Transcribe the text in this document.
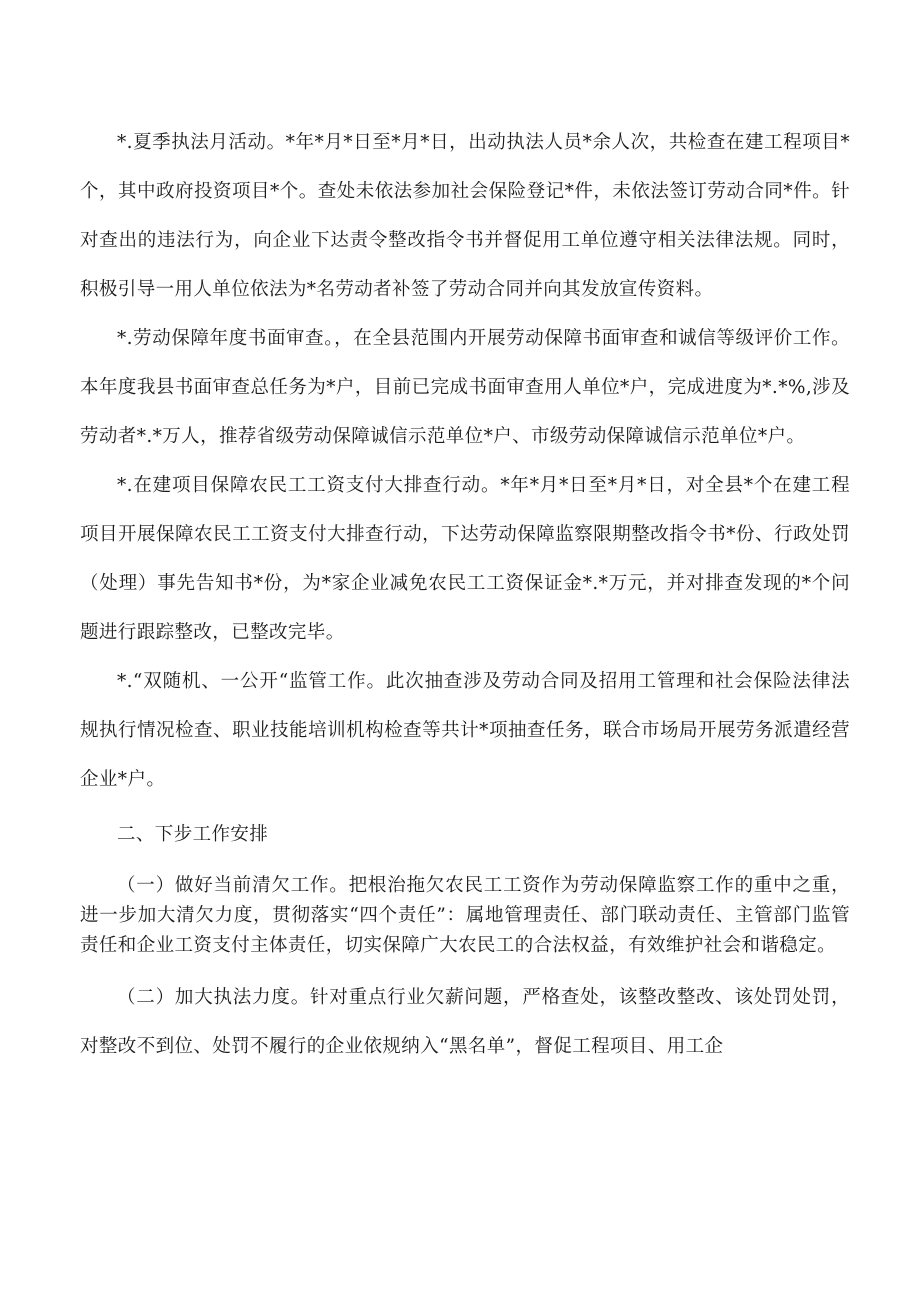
*.夏季执法月活动。*年*月*日至*月*日，出动执法人员*余人次，共检查在建工程项目*个，其中政府投资项目*个。查处未依法参加社会保险登记*件，未依法签订劳动合同*件。针对查出的违法行为，向企业下达责令整改指令书并督促用工单位遵守相关法律法规。同时，积极引导一用人单位依法为*名劳动者补签了劳动合同并向其发放宣传资料。

*.劳动保障年度书面审查。，在全县范围内开展劳动保障书面审查和诚信等级评价工作。本年度我县书面审查总任务为*户，目前已完成书面审查用人单位*户，完成进度为*.*%,涉及劳动者*.*万人，推荐省级劳动保障诚信示范单位*户、市级劳动保障诚信示范单位*户。

*.在建项目保障农民工工资支付大排查行动。*年*月*日至*月*日，对全县*个在建工程项目开展保障农民工工资支付大排查行动，下达劳动保障监察限期整改指令书*份、行政处罚（处理）事先告知书*份，为*家企业减免农民工工资保证金*.*万元，并对排查发现的*个问题进行跟踪整改，已整改完毕。

*.“双随机、一公开“监管工作。此次抽查涉及劳动合同及招用工管理和社会保险法律法规执行情况检查、职业技能培训机构检查等共计*项抽查任务，联合市场局开展劳务派遣经营企业*户。

二、下步工作安排

（一）做好当前清欠工作。把根治拖欠农民工工资作为劳动保障监察工作的重中之重，进一步加大清欠力度，贯彻落实“四个责任”：属地管理责任、部门联动责任、主管部门监管责任和企业工资支付主体责任，切实保障广大农民工的合法权益，有效维护社会和谐稳定。

（二）加大执法力度。针对重点行业欠薪问题，严格查处，该整改整改、该处罚处罚，对整改不到位、处罚不履行的企业依规纳入“黑名单”，督促工程项目、用工企
